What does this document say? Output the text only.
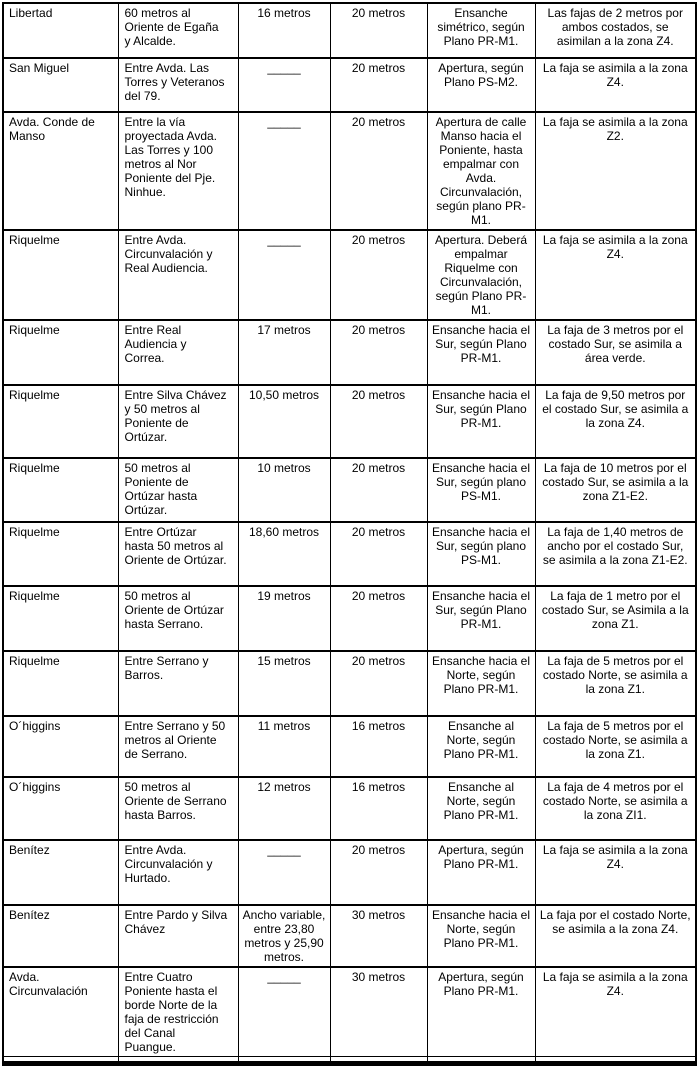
Libertad	60 metros al Oriente de Egaña y Alcalde.	16 metros	20 metros	Ensanche simétrico, según Plano PR-M1.	Las fajas de 2 metros por ambos costados, se asimilan a la zona Z4.
San Miguel	Entre Avda. Las Torres y Veteranos del 79.	_____	20 metros	Apertura, según Plano PS-M2.	La faja se asimila a la zona Z4.
Avda. Conde de Manso	Entre la vía proyectada Avda. Las Torres y 100 metros al Nor Poniente del Pje. Ninhue.	_____	20 metros	Apertura de calle Manso hacia el Poniente, hasta empalmar con Avda. Circunvalación, según plano PR-M1.	La faja se asimila a la zona Z2.
Riquelme	Entre Avda. Circunvalación y Real Audiencia.	_____	20 metros	Apertura. Deberá empalmar Riquelme con Circunvalación, según Plano PR-M1.	La faja se asimila a la zona Z4.
Riquelme	Entre Real Audiencia y Correa.	17 metros	20 metros	Ensanche hacia el Sur, según Plano PR-M1.	La faja de 3 metros por el costado Sur, se asimila a área verde.
Riquelme	Entre Silva Chávez y 50 metros al Poniente de Ortúzar.	10,50 metros	20 metros	Ensanche hacia el Sur, según Plano PR-M1.	La faja de 9,50 metros por el costado Sur, se asimila a la zona Z4.
Riquelme	50 metros al Poniente de Ortúzar hasta Ortúzar.	10 metros	20 metros	Ensanche hacia el Sur, según plano PS-M1.	La faja de 10 metros por el costado Sur, se asimila a la zona Z1-E2.
Riquelme	Entre Ortúzar hasta 50 metros al Oriente de Ortúzar.	18,60 metros	20 metros	Ensanche hacia el Sur, según plano PS-M1.	La faja de 1,40 metros de ancho por el costado Sur, se asimila a la zona Z1-E2.
Riquelme	50 metros al Oriente de Ortúzar hasta Serrano.	19 metros	20 metros	Ensanche hacia el Sur, según Plano PR-M1.	La faja de 1 metro por el costado Sur, se Asimila a la zona Z1.
Riquelme	Entre Serrano y Barros.	15 metros	20 metros	Ensanche hacia el Norte, según Plano PR-M1.	La faja de 5 metros por el costado Norte, se asimila a la zona Z1.
O´higgins	Entre Serrano y 50 metros al Oriente de Serrano.	11 metros	16 metros	Ensanche al Norte, según Plano PR-M1.	La faja de 5 metros por el costado Norte, se asimila a la zona Z1.
O´higgins	50 metros al Oriente de Serrano hasta Barros.	12 metros	16 metros	Ensanche al Norte, según Plano PR-M1.	La faja de 4 metros por el costado Norte, se asimila a la zona ZI1.
Benítez	Entre Avda. Circunvalación y Hurtado.	_____	20 metros	Apertura, según Plano PR-M1.	La faja se asimila a la zona Z4.
Benítez	Entre Pardo y Silva Chávez	Ancho variable, entre 23,80 metros y 25,90 metros.	30 metros	Ensanche hacia el Norte, según Plano PR-M1.	La faja por el costado Norte, se asimila a la zona Z4.
Avda. Circunvalación	Entre Cuatro Poniente hasta el borde Norte de la faja de restricción del Canal Puangue.	_____	30 metros	Apertura, según Plano PR-M1.	La faja se asimila a la zona Z4.
